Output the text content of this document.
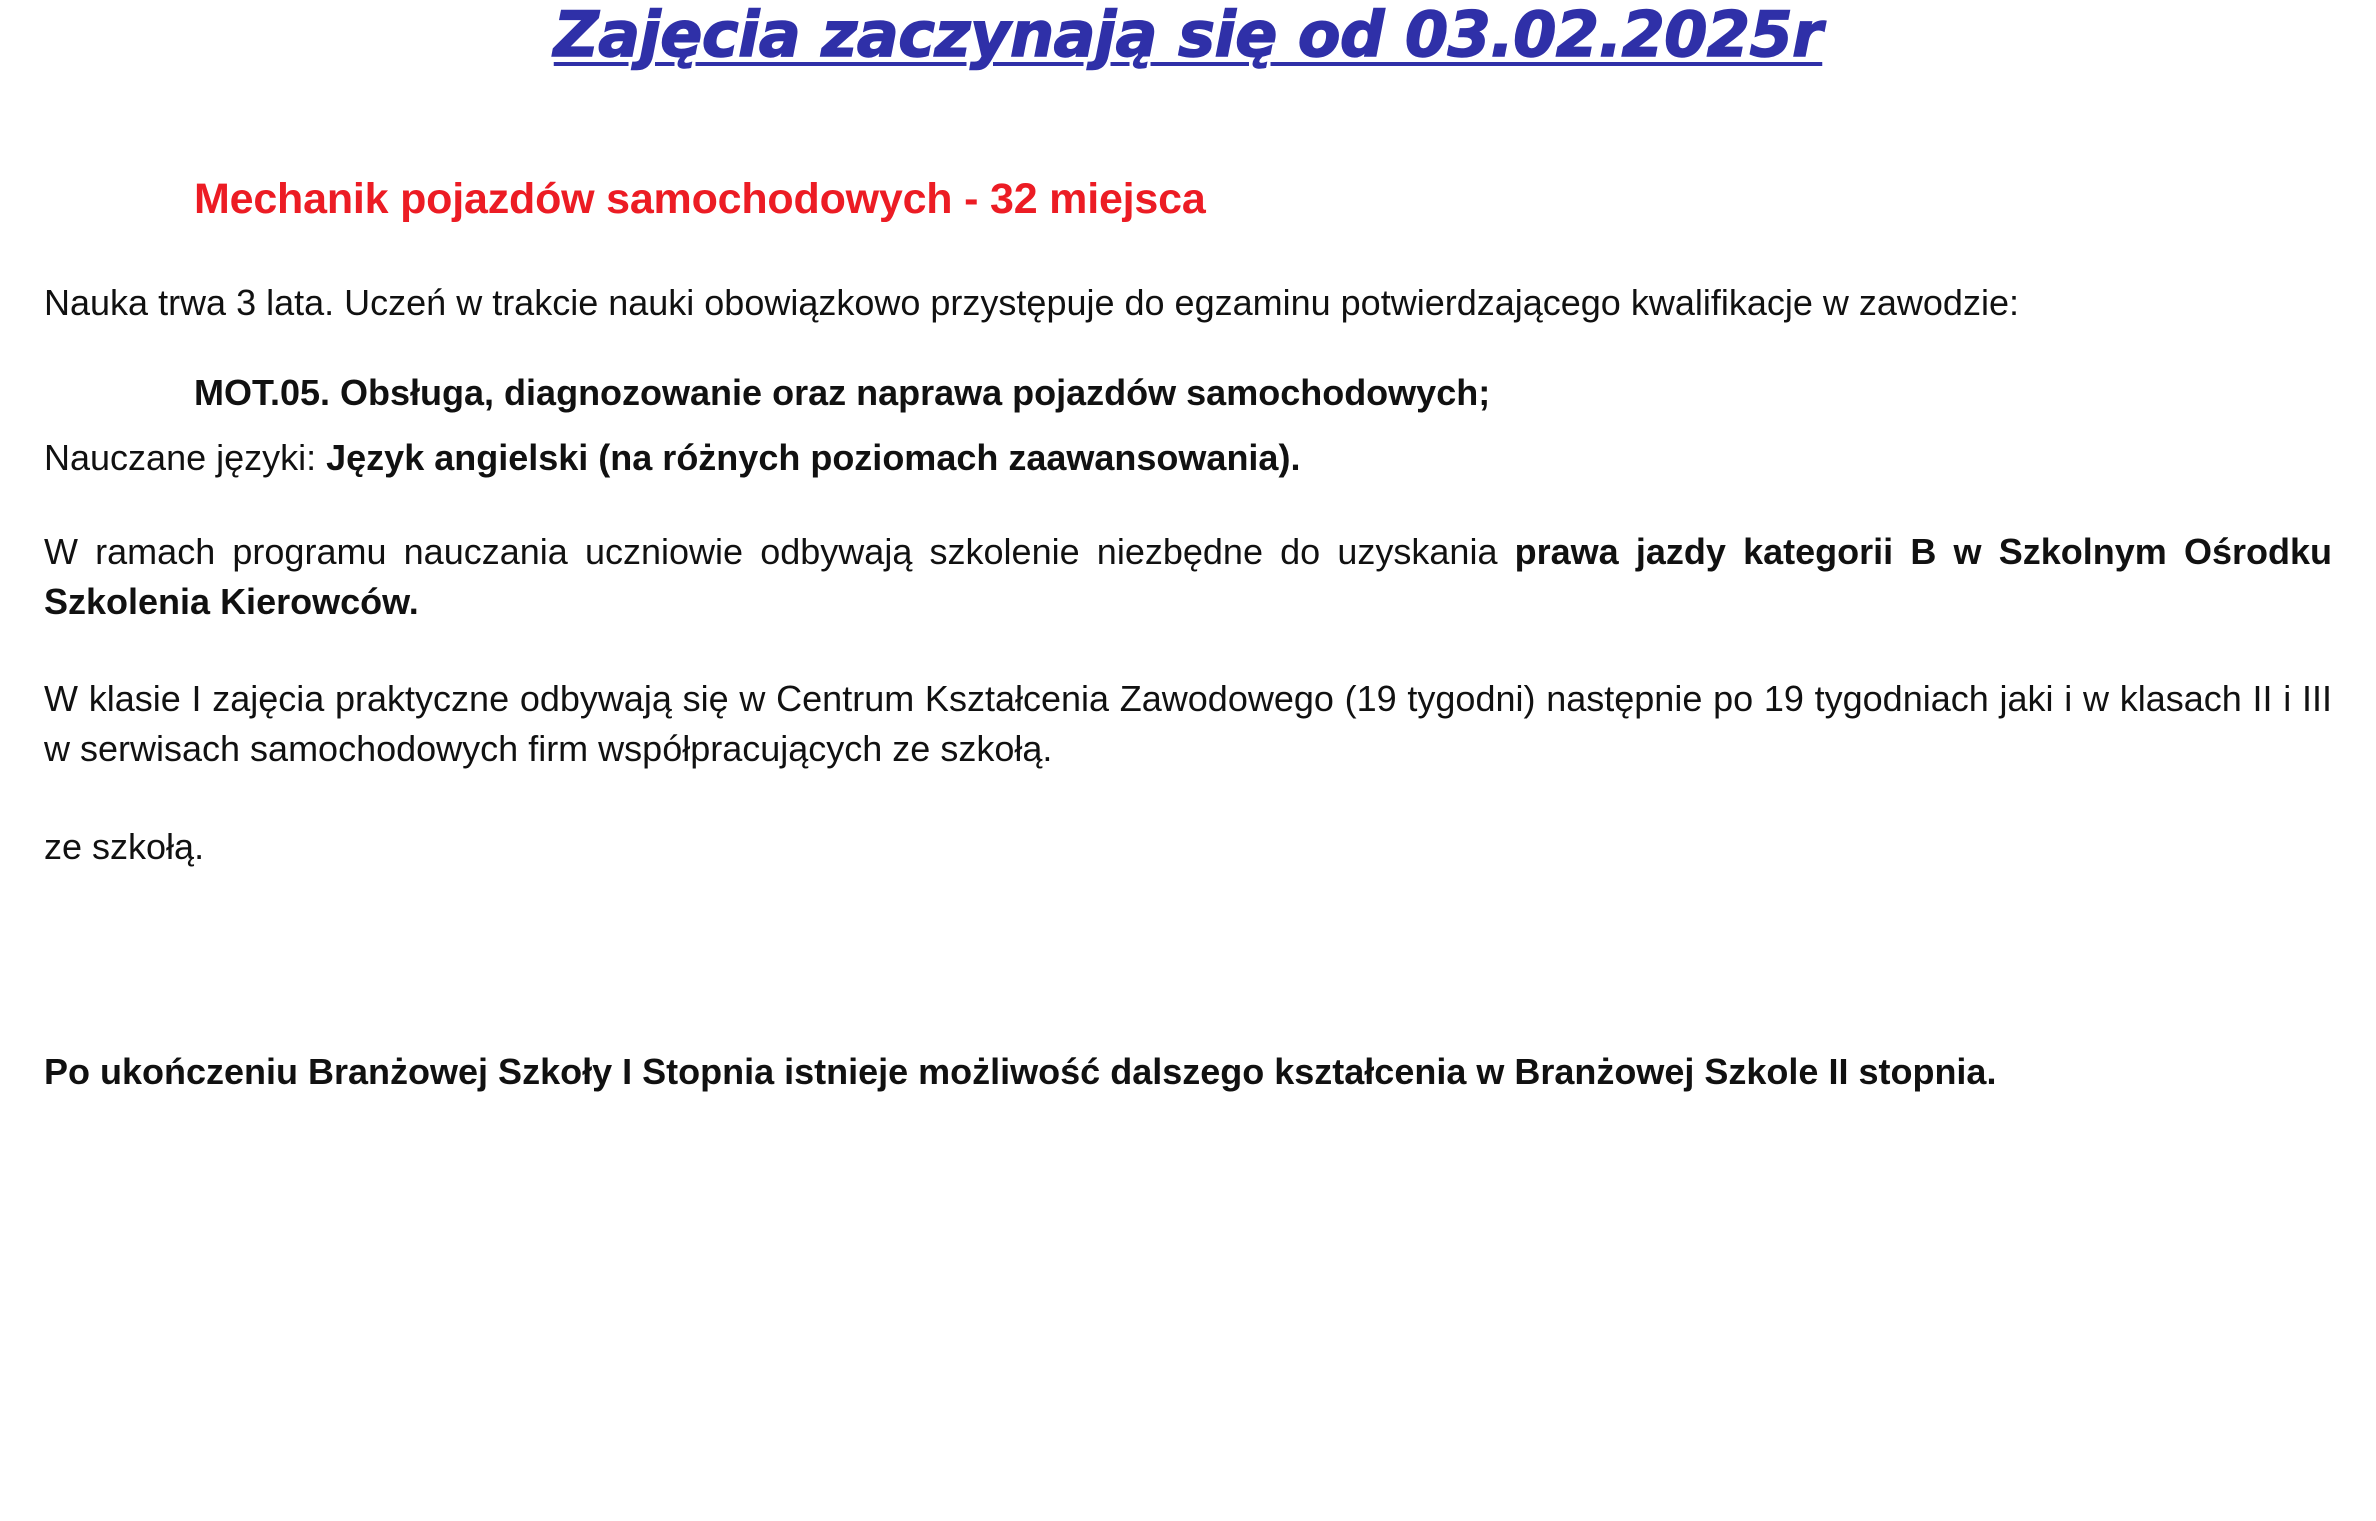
Zajęcia zaczynają się od 03.02.2025r
Mechanik pojazdów samochodowych - 32 miejsca

Nauka trwa 3 lata. Uczeń w trakcie nauki obowiązkowo przystępuje do egzaminu potwierdzającego kwalifikacje w zawodzie:

MOT.05. Obsługa, diagnozowanie oraz naprawa pojazdów samochodowych;

Nauczane języki: Język angielski (na różnych poziomach zaawansowania).

W ramach programu nauczania uczniowie odbywają szkolenie niezbędne do uzyskania prawa jazdy kategorii B w Szkolnym Ośrodku Szkolenia Kierowców.

W klasie I zajęcia praktyczne odbywają się w Centrum Kształcenia Zawodowego (19 tygodni) następnie po 19 tygodniach jaki i w klasach II i III w serwisach samochodowych firm współpracujących ze szkołą.

ze szkołą.

Po ukończeniu Branżowej Szkoły I Stopnia istnieje możliwość dalszego kształcenia w Branżowej Szkole II stopnia.
